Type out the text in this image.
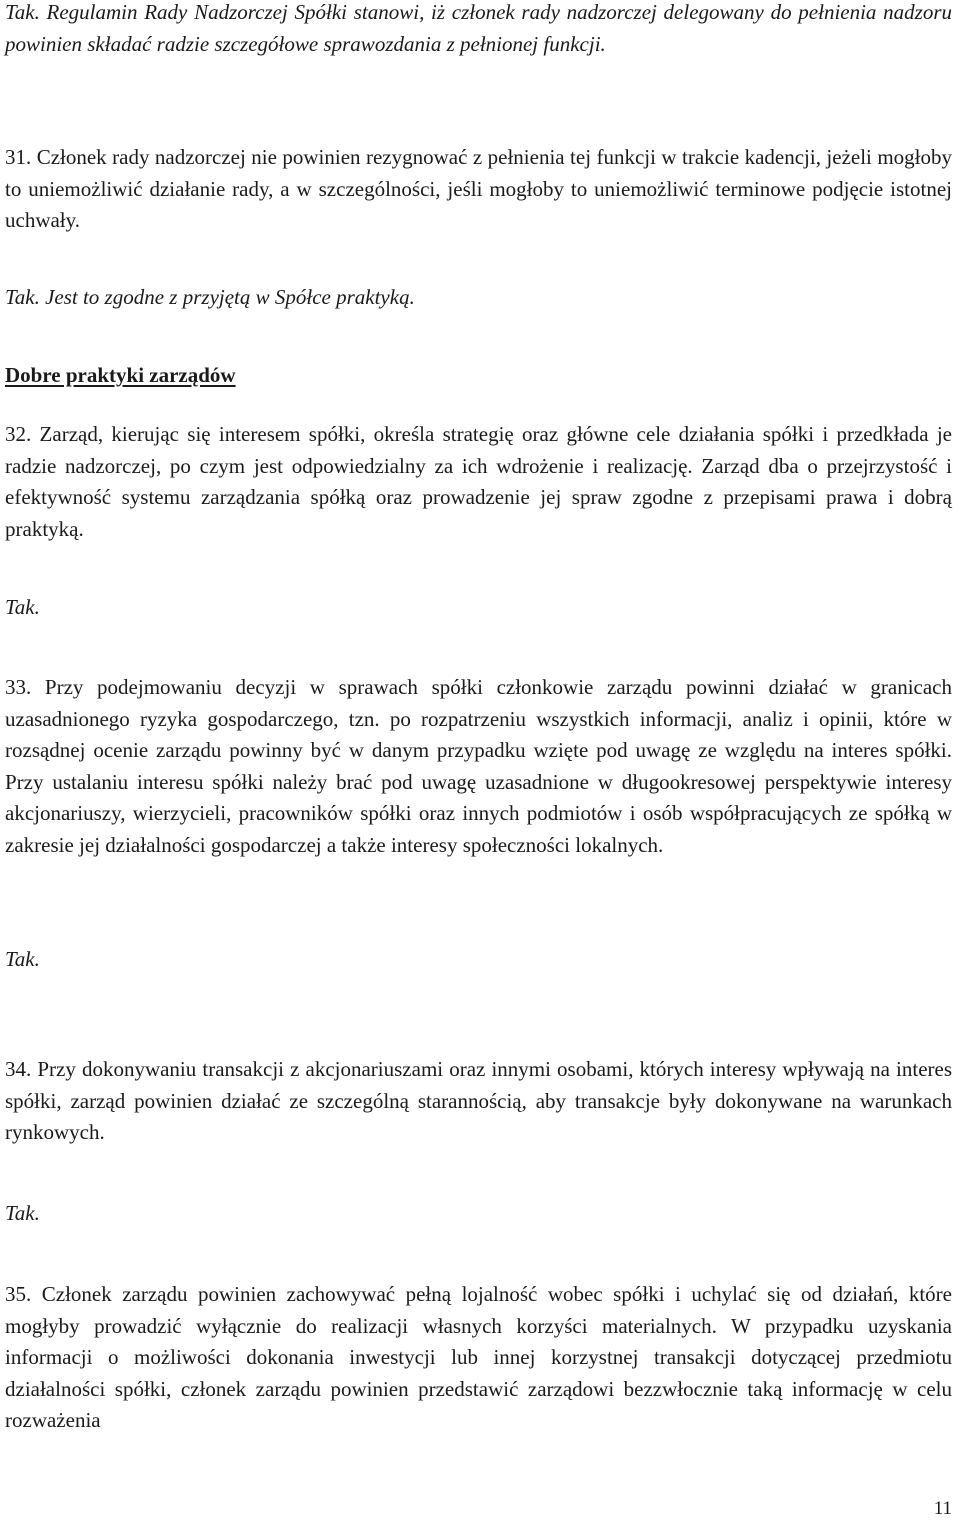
Tak. Regulamin Rady Nadzorczej Spółki stanowi, iż członek rady nadzorczej delegowany do pełnienia nadzoru powinien składać radzie szczegółowe sprawozdania z pełnionej funkcji.

31. Członek rady nadzorczej nie powinien rezygnować z pełnienia tej funkcji w trakcie kadencji, jeżeli mogłoby to uniemożliwić działanie rady, a w szczególności, jeśli mogłoby to uniemożliwić terminowe podjęcie istotnej uchwały.

Tak. Jest to zgodne z przyjętą w Spółce praktyką.

Dobre praktyki zarządów

32. Zarząd, kierując się interesem spółki, określa strategię oraz główne cele działania spółki i przedkłada je radzie nadzorczej, po czym jest odpowiedzialny za ich wdrożenie i realizację. Zarząd dba o przejrzystość i efektywność systemu zarządzania spółką oraz prowadzenie jej spraw zgodne z przepisami prawa i dobrą praktyką.

Tak.

33. Przy podejmowaniu decyzji w sprawach spółki członkowie zarządu powinni działać w granicach uzasadnionego ryzyka gospodarczego, tzn. po rozpatrzeniu wszystkich informacji, analiz i opinii, które w rozsądnej ocenie zarządu powinny być w danym przypadku wzięte pod uwagę ze względu na interes spółki. Przy ustalaniu interesu spółki należy brać pod uwagę uzasadnione w długookresowej perspektywie interesy akcjonariuszy, wierzycieli, pracowników spółki oraz innych podmiotów i osób współpracujących ze spółką w zakresie jej działalności gospodarczej a także interesy społeczności lokalnych.

Tak.

34. Przy dokonywaniu transakcji z akcjonariuszami oraz innymi osobami, których interesy wpływają na interes spółki, zarząd powinien działać ze szczególną starannością, aby transakcje były dokonywane na warunkach rynkowych.

Tak.

35. Członek zarządu powinien zachowywać pełną lojalność wobec spółki i uchylać się od działań, które mogłyby prowadzić wyłącznie do realizacji własnych korzyści materialnych. W przypadku uzyskania informacji o możliwości dokonania inwestycji lub innej korzystnej transakcji dotyczącej przedmiotu działalności spółki, członek zarządu powinien przedstawić zarządowi bezzwłocznie taką informację w celu rozważenia

11
